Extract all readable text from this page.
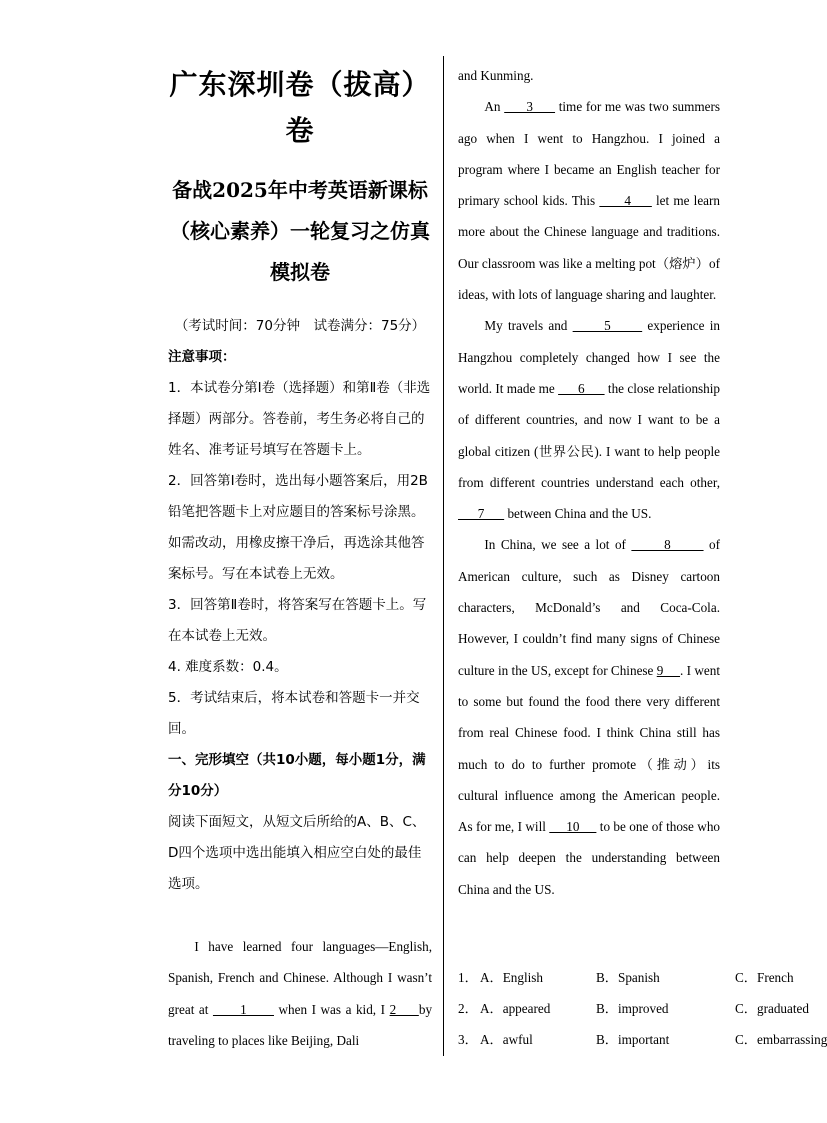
广东深圳卷（拔高）卷
备战2025年中考英语新课标（核心素养）一轮复习之仿真模拟卷

（考试时间：70分钟　试卷满分：75分）

注意事项：

1．本试卷分第Ⅰ卷（选择题）和第Ⅱ卷（非选择题）两部分。答卷前，考生务必将自己的姓名、准考证号填写在答题卡上。

2．回答第Ⅰ卷时，选出每小题答案后，用2B铅笔把答题卡上对应题目的答案标号涂黑。如需改动，用橡皮擦干净后，再选涂其他答案标号。写在本试卷上无效。

3．回答第Ⅱ卷时，将答案写在答题卡上。写在本试卷上无效。

4. 难度系数：0.4。

5．考试结束后，将本试卷和答题卡一并交回。

一、完形填空（共10小题，每小题1分，满分10分）

阅读下面短文，从短文后所给的A、B、C、D四个选项中选出能填入相应空白处的最佳选项。

I have learned four languages—English, Spanish, French and Chinese. Although I wasn’t great at       1       when I was a kid, I 2     by traveling to places like Beijing, Dali

and Kunming.

An       3       time for me was two summers ago when I went to Hangzhou. I joined a program where I became an English teacher for primary school kids. This       4      let me learn more about the Chinese language and traditions. Our classroom was like a melting pot（熔炉）of ideas, with lots of language sharing and laughter.

My travels and       5       experience in Hangzhou completely changed how I see the world. It made me       6       the close relationship of different countries, and now I want to be a global citizen (世界公民). I want to help people from different countries understand each other,       7       between China and the US.

In China, we see a lot of       8       of American culture, such as Disney cartoon characters, McDonald’s and Coca-Cola. However, I couldn’t find many signs of Chinese culture in the US, except for Chinese 9     . I went to some but found the food there very different from real Chinese food. I think China still has much to do to further promote（推动）its cultural influence among the American people. As for me, I will      10      to be one of those who can help deepen the understanding between China and the US.

1． A．English	B．Spanish	C．French
2． A．appeared	B．improved	C．graduated
3． A．awful	B．important	C．embarrassing
